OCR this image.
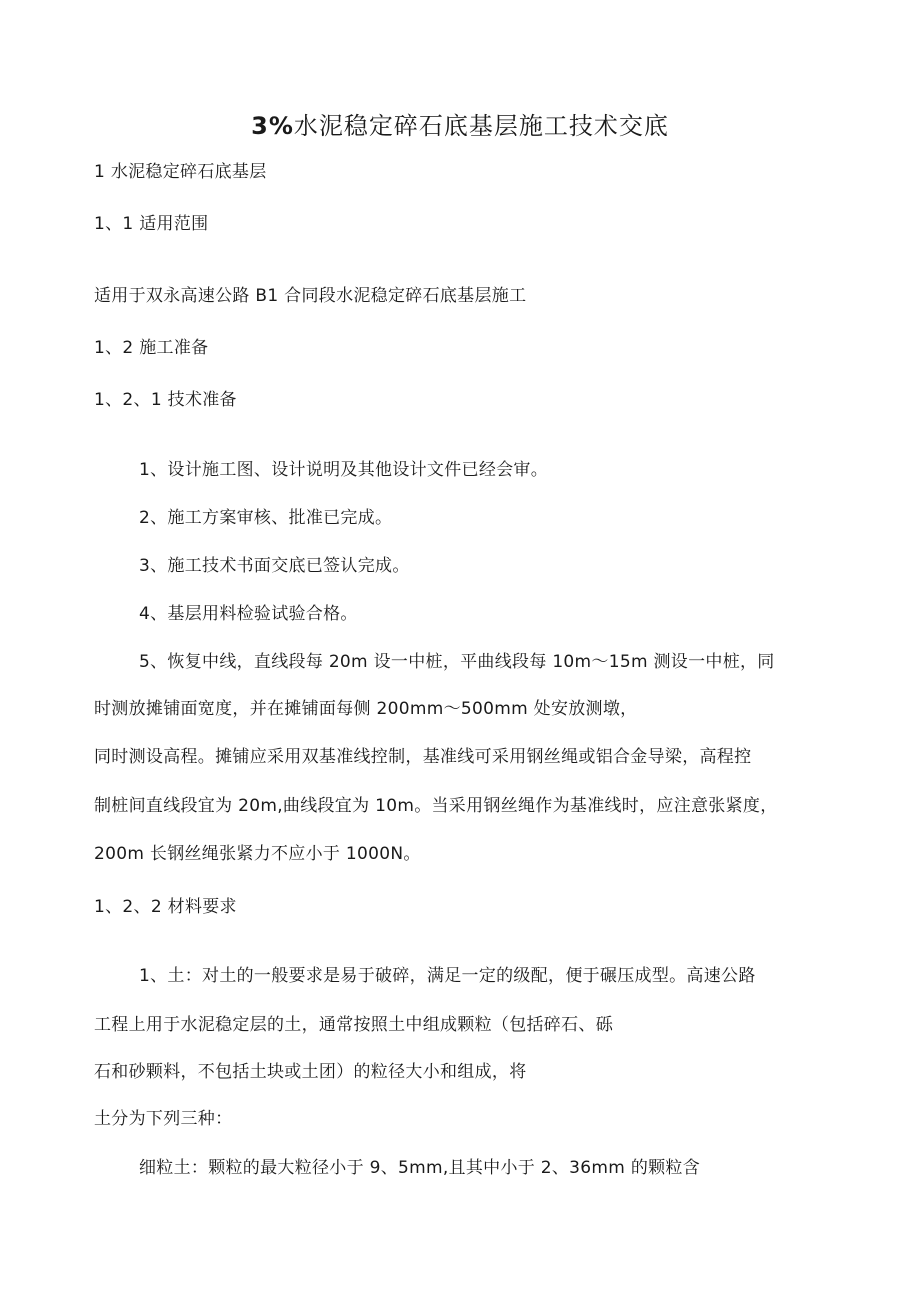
3%水泥稳定碎石底基层施工技术交底
1 水泥稳定碎石底基层
1、1 适用范围
适用于双永高速公路 B1 合同段水泥稳定碎石底基层施工
1、2 施工准备
1、2、1 技术准备
1、设计施工图、设计说明及其他设计文件已经会审。
2、施工方案审核、批准已完成。
3、施工技术书面交底已签认完成。
4、基层用料检验试验合格。
5、恢复中线，直线段每 20m 设一中桩，平曲线段每 10m〜15m 测设一中桩，同
时测放摊铺面宽度，并在摊铺面每侧 200mm〜500mm 处安放测墩，
同时测设高程。摊铺应采用双基准线控制，基准线可采用钢丝绳或铝合金导梁，高程控
制桩间直线段宜为 20m,曲线段宜为 10m。当采用钢丝绳作为基准线时，应注意张紧度，
200m 长钢丝绳张紧力不应小于 1000N。
1、2、2 材料要求
1、土：对土的一般要求是易于破碎，满足一定的级配，便于碾压成型。高速公路
工程上用于水泥稳定层的土，通常按照土中组成颗粒（包括碎石、砾
石和砂颗料，不包括土块或土团）的粒径大小和组成，将
土分为下列三种：
细粒土：颗粒的最大粒径小于 9、5mm,且其中小于 2、36mm 的颗粒含
